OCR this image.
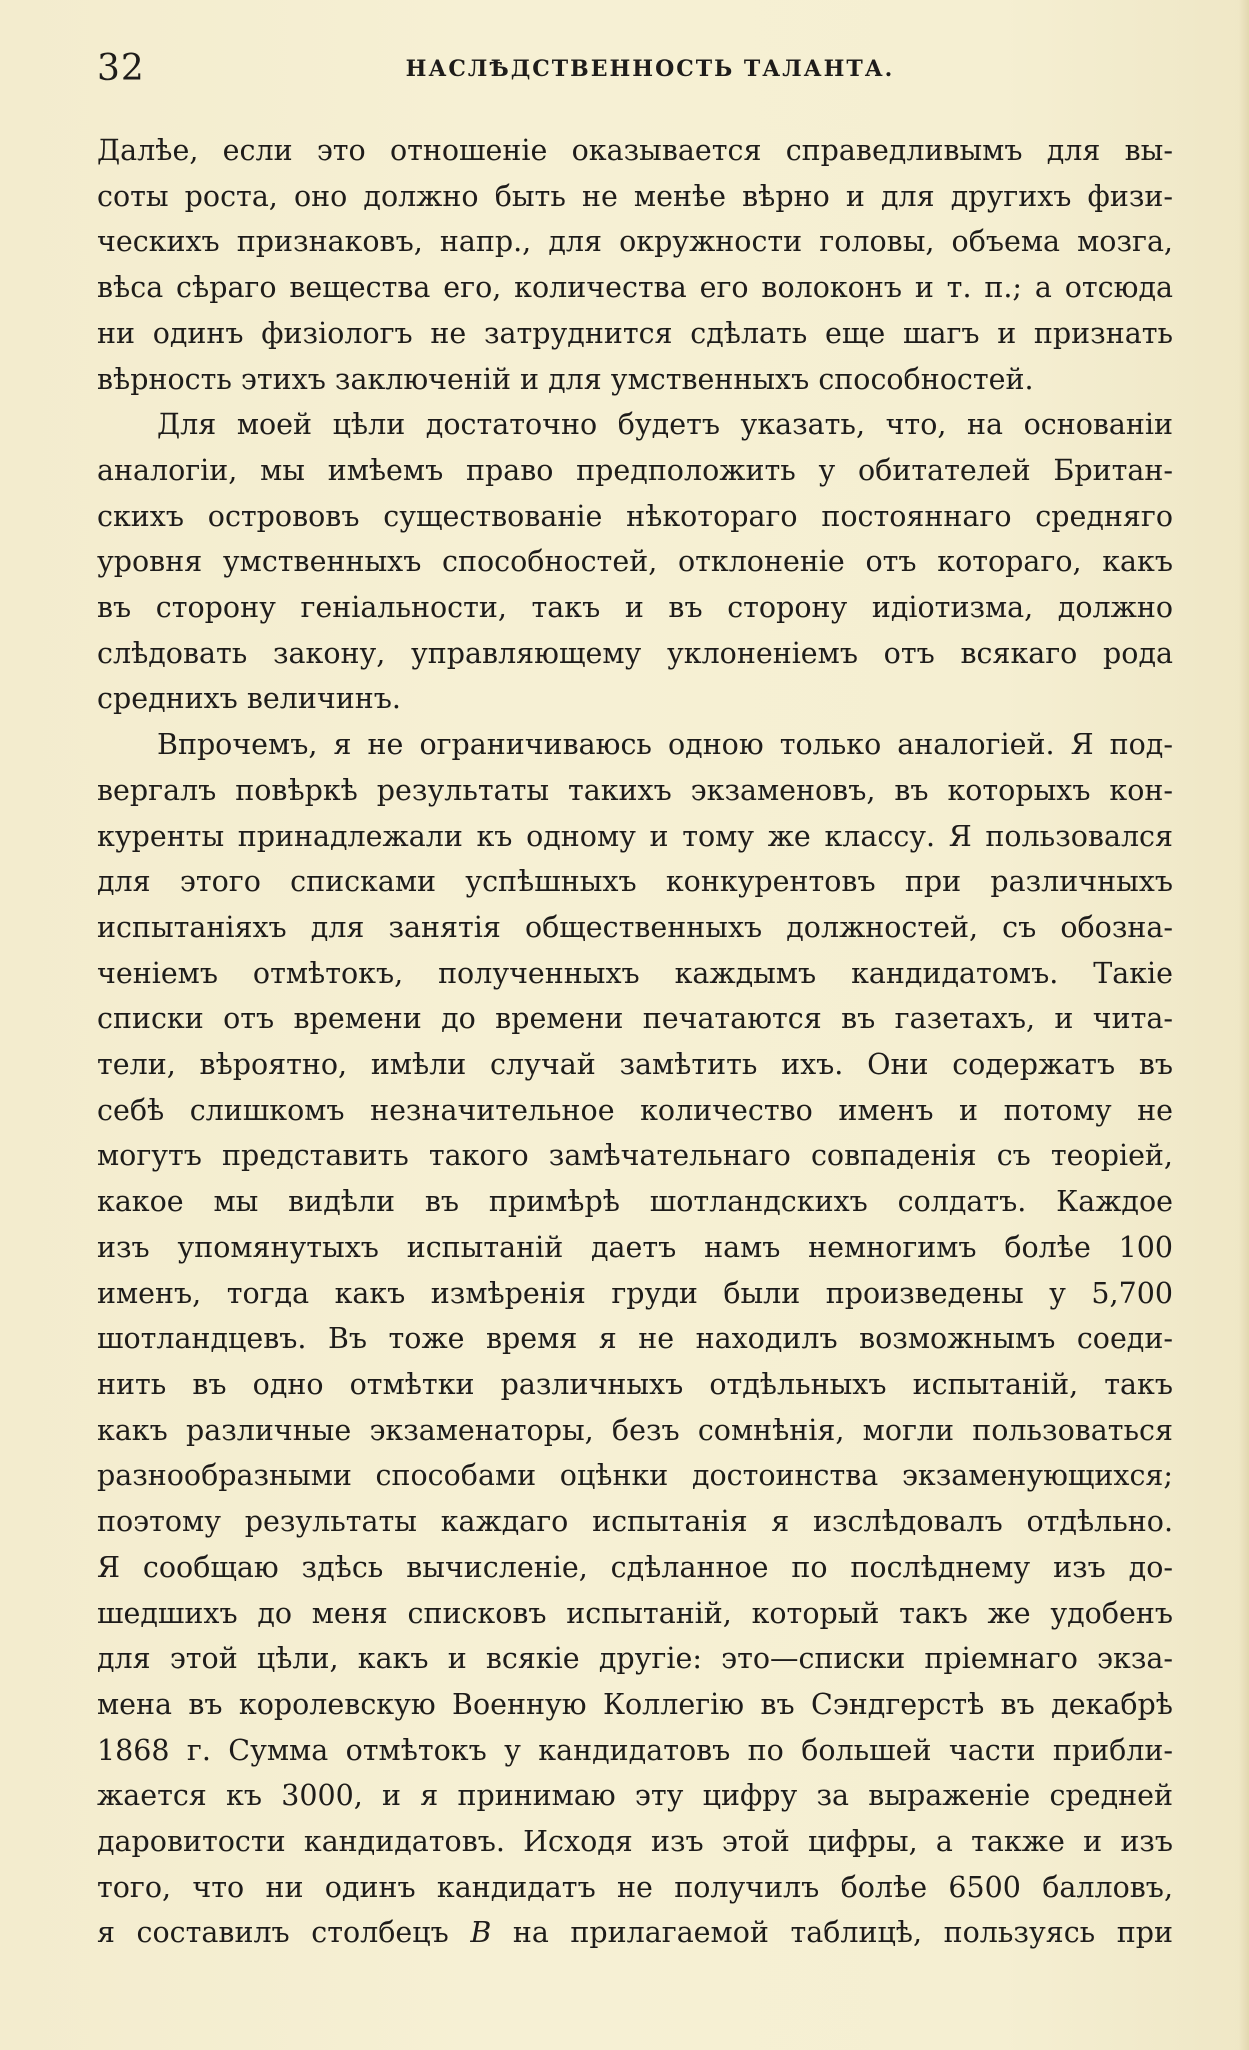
32	НАСЛѢДСТВЕННОСТЬ ТАЛАНТА.
Далѣе, если это отношеніе оказывается справедливымъ для вы-
соты роста, оно должно быть не менѣе вѣрно и для другихъ физи-
ческихъ признаковъ, напр., для окружности головы, объема мозга,
вѣса сѣраго вещества его, количества его волоконъ и т. п.; а отсюда
ни одинъ физіологъ не затруднится сдѣлать еще шагъ и признать
вѣрность этихъ заключеній и для умственныхъ способностей.
Для моей цѣли достаточно будетъ указать, что, на основаніи
аналогіи, мы имѣемъ право предположить у обитателей Британ-
скихъ острововъ существованіе нѣкотораго постояннаго средняго
уровня умственныхъ способностей, отклоненіе отъ котораго, какъ
въ сторону геніальности, такъ и въ сторону идіотизма, должно
слѣдовать закону, управляющему уклоненіемъ отъ всякаго рода
среднихъ величинъ.
Впрочемъ, я не ограничиваюсь одною только аналогіей. Я под-
вергалъ повѣркѣ результаты такихъ экзаменовъ, въ которыхъ кон-
куренты принадлежали къ одному и тому же классу. Я пользовался
для этого списками успѣшныхъ конкурентовъ при различныхъ
испытаніяхъ для занятія общественныхъ должностей, съ обозна-
ченіемъ отмѣтокъ, полученныхъ каждымъ кандидатомъ. Такіе
списки отъ времени до времени печатаются въ газетахъ, и чита-
тели, вѣроятно, имѣли случай замѣтить ихъ. Они содержатъ въ
себѣ слишкомъ незначительное количество именъ и потому не
могутъ представить такого замѣчательнаго совпаденія съ теоріей,
какое мы видѣли въ примѣрѣ шотландскихъ солдатъ. Каждое
изъ упомянутыхъ испытаній даетъ намъ немногимъ болѣе 100
именъ, тогда какъ измѣренія груди были произведены у 5,700
шотландцевъ. Въ тоже время я не находилъ возможнымъ соеди-
нить въ одно отмѣтки различныхъ отдѣльныхъ испытаній, такъ
какъ различные экзаменаторы, безъ сомнѣнія, могли пользоваться
разнообразными способами оцѣнки достоинства экзаменующихся;
поэтому результаты каждаго испытанія я изслѣдовалъ отдѣльно.
Я сообщаю здѣсь вычисленіе, сдѣланное по послѣднему изъ до-
шедшихъ до меня списковъ испытаній, который такъ же удобенъ
для этой цѣли, какъ и всякіе другіе: это—списки пріемнаго экза-
мена въ королевскую Военную Коллегію въ Сэндгерстѣ въ декабрѣ
1868 г. Сумма отмѣтокъ у кандидатовъ по большей части прибли-
жается къ 3000, и я принимаю эту цифру за выраженіе средней
даровитости кандидатовъ. Исходя изъ этой цифры, а также и изъ
того, что ни одинъ кандидатъ не получилъ болѣе 6500 балловъ,
я составилъ столбецъ B на прилагаемой таблицѣ, пользуясь при
